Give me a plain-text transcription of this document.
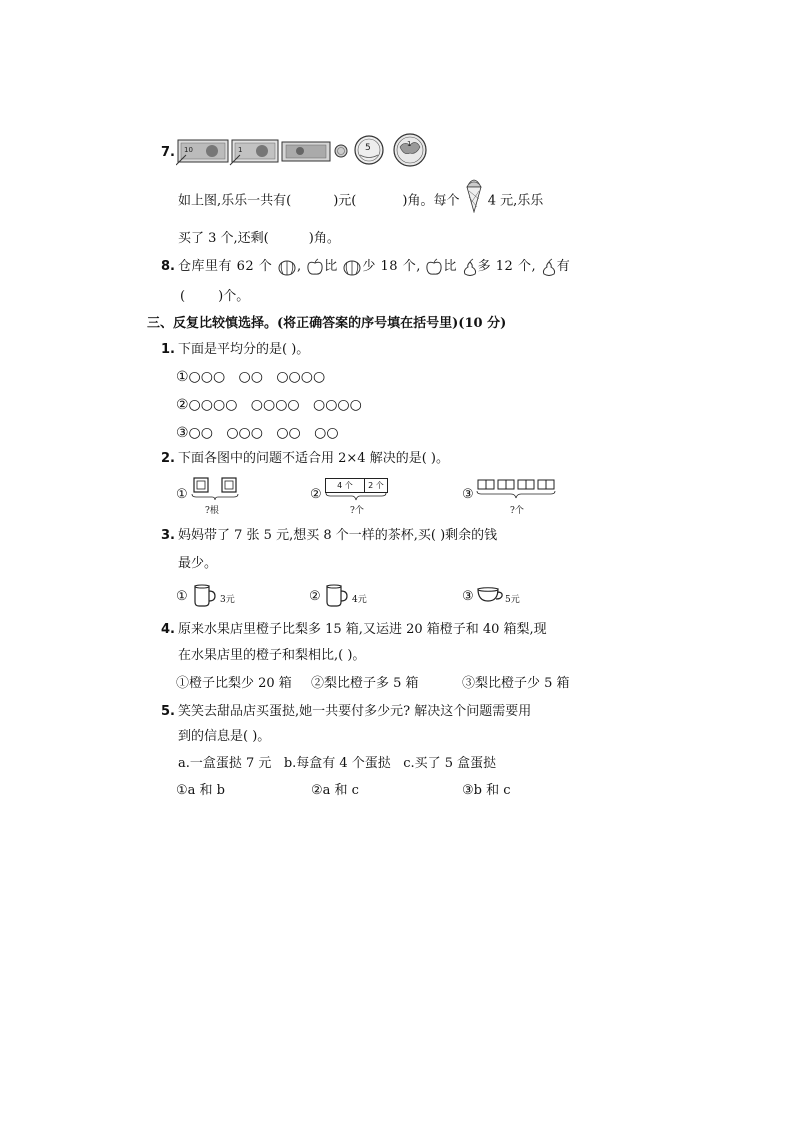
7. 10	1	5	1
如上图,乐乐一共有(	)元(	)角。每个 4 元,乐乐
买了 3 个,还剩(	)角。
8. 仓库里有 62 个 , 比 少 18 个, 比 多 12 个, 有
(        )个。
三、反复比较慎选择。(将正确答案的序号填在括号里)(10 分)
1. 下面是平均分的是( )。
①○○○   ○○   ○○○○
②○○○○   ○○○○   ○○○○
③○○   ○○○   ○○   ○○
2. 下面各图中的问题不适合用 2×4 解决的是( )。
①
?根
②
4 个	2 个
?个
③
?个
3. 妈妈带了 7 张 5 元,想买 8 个一样的茶杯,买( )剩余的钱
最少。
①	3元	②	4元	③	5元
4. 原来水果店里橙子比梨多 15 箱,又运进 20 箱橙子和 40 箱梨,现
在水果店里的橙子和梨相比,( )。
①橙子比梨少 20 箱 ②梨比橙子多 5 箱	③梨比橙子少 5 箱
5. 笑笑去甜品店买蛋挞,她一共要付多少元? 解决这个问题需要用
到的信息是( )。
a.一盒蛋挞 7 元   b.每盒有 4 个蛋挞   c.买了 5 盒蛋挞
①a 和 b	②a 和 c	③b 和 c
